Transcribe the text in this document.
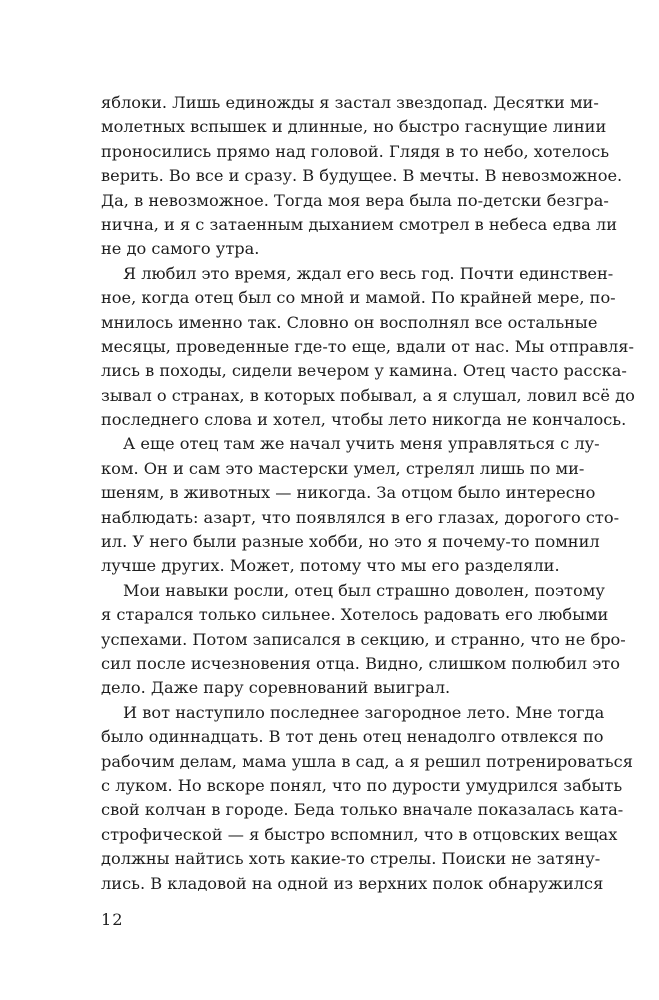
яблоки. Лишь единожды я застал звездопад. Десятки ми-
молетных вспышек и длинные, но быстро гаснущие линии
проносились прямо над головой. Глядя в то небо, хотелось
верить. Во все и сразу. В будущее. В мечты. В невозможное.
Да, в невозможное. Тогда моя вера была по-детски безгра-
нична, и я с затаенным дыханием смотрел в небеса едва ли
не до самого утра.
Я любил это время, ждал его весь год. Почти единствен-
ное, когда отец был со мной и мамой. По крайней мере, по-
мнилось именно так. Словно он восполнял все остальные
месяцы, проведенные где-то еще, вдали от нас. Мы отправля-
лись в походы, сидели вечером у камина. Отец часто расска-
зывал о странах, в которых побывал, а я слушал, ловил всё до
последнего слова и хотел, чтобы лето никогда не кончалось.
А еще отец там же начал учить меня управляться с лу-
ком. Он и сам это мастерски умел, стрелял лишь по ми-
шеням, в животных — никогда. За отцом было интересно
наблюдать: азарт, что появлялся в его глазах, дорогого сто-
ил. У него были разные хобби, но это я почему-то помнил
лучше других. Может, потому что мы его разделяли.
Мои навыки росли, отец был страшно доволен, поэтому
я старался только сильнее. Хотелось радовать его любыми
успехами. Потом записался в секцию, и странно, что не бро-
сил после исчезновения отца. Видно, слишком полюбил это
дело. Даже пару соревнований выиграл.
И вот наступило последнее загородное лето. Мне тогда
было одиннадцать. В тот день отец ненадолго отвлекся по
рабочим делам, мама ушла в сад, а я решил потренироваться
с луком. Но вскоре понял, что по дурости умудрился забыть
свой колчан в городе. Беда только вначале показалась ката-
строфической — я быстро вспомнил, что в отцовских вещах
должны найтись хоть какие-то стрелы. Поиски не затяну-
лись. В кладовой на одной из верхних полок обнаружился
12
